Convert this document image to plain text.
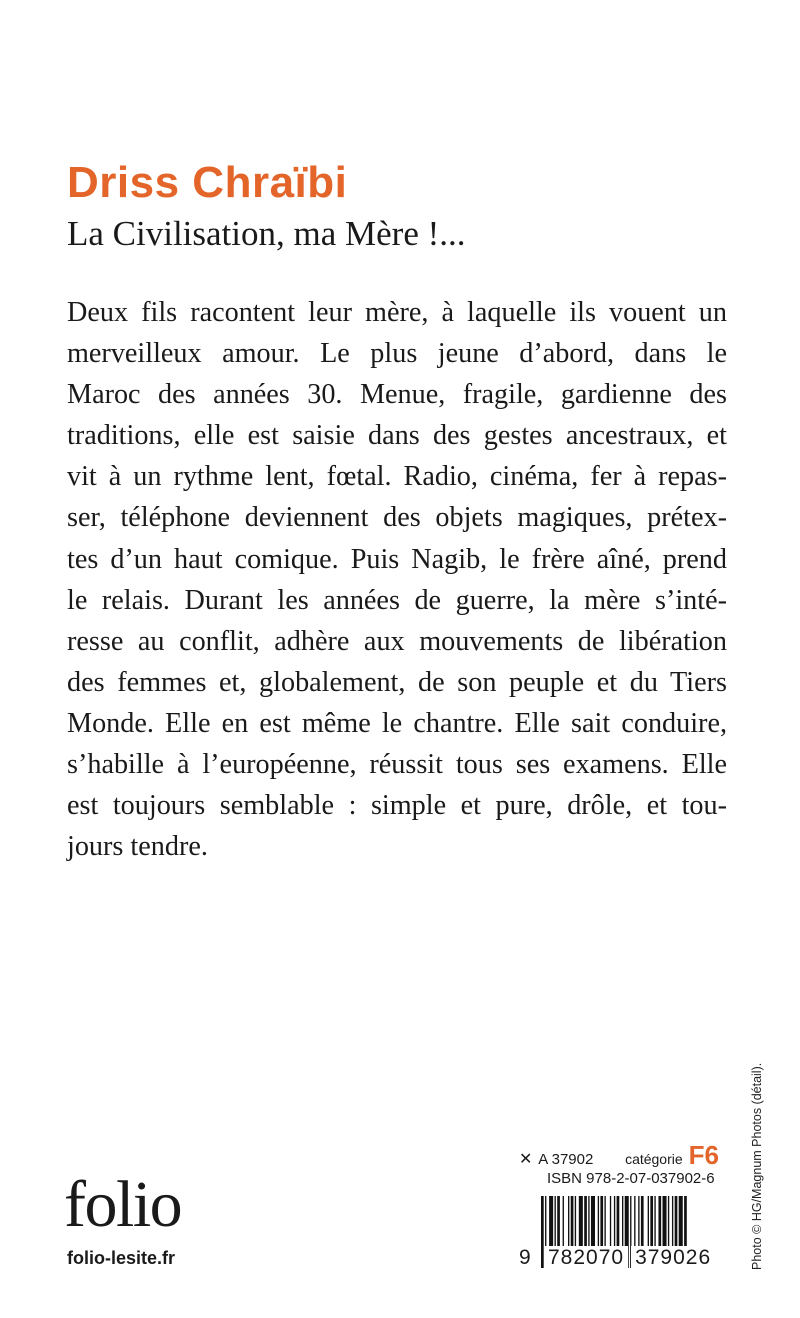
Driss Chraïbi
La Civilisation, ma Mère !...
Deux fils racontent leur mère, à laquelle ils vouent un
merveilleux amour. Le plus jeune d’abord, dans le
Maroc des années 30. Menue, fragile, gardienne des
traditions, elle est saisie dans des gestes ancestraux, et
vit à un rythme lent, fœtal. Radio, cinéma, fer à repas-
ser, téléphone deviennent des objets magiques, prétex-
tes d’un haut comique. Puis Nagib, le frère aîné, prend
le relais. Durant les années de guerre, la mère s’inté-
resse au conflit, adhère aux mouvements de libération
des femmes et, globalement, de son peuple et du Tiers
Monde. Elle en est même le chantre. Elle sait conduire,
s’habille à l’européenne, réussit tous ses examens. Elle
est toujours semblable : simple et pure, drôle, et tou-
jours tendre.
Photo © HG/Magnum Photos (détail).
folio
folio-lesite.fr
✕ A 37902	catégorie F6
ISBN 978-2-07-037902-6
9 782070 379026
